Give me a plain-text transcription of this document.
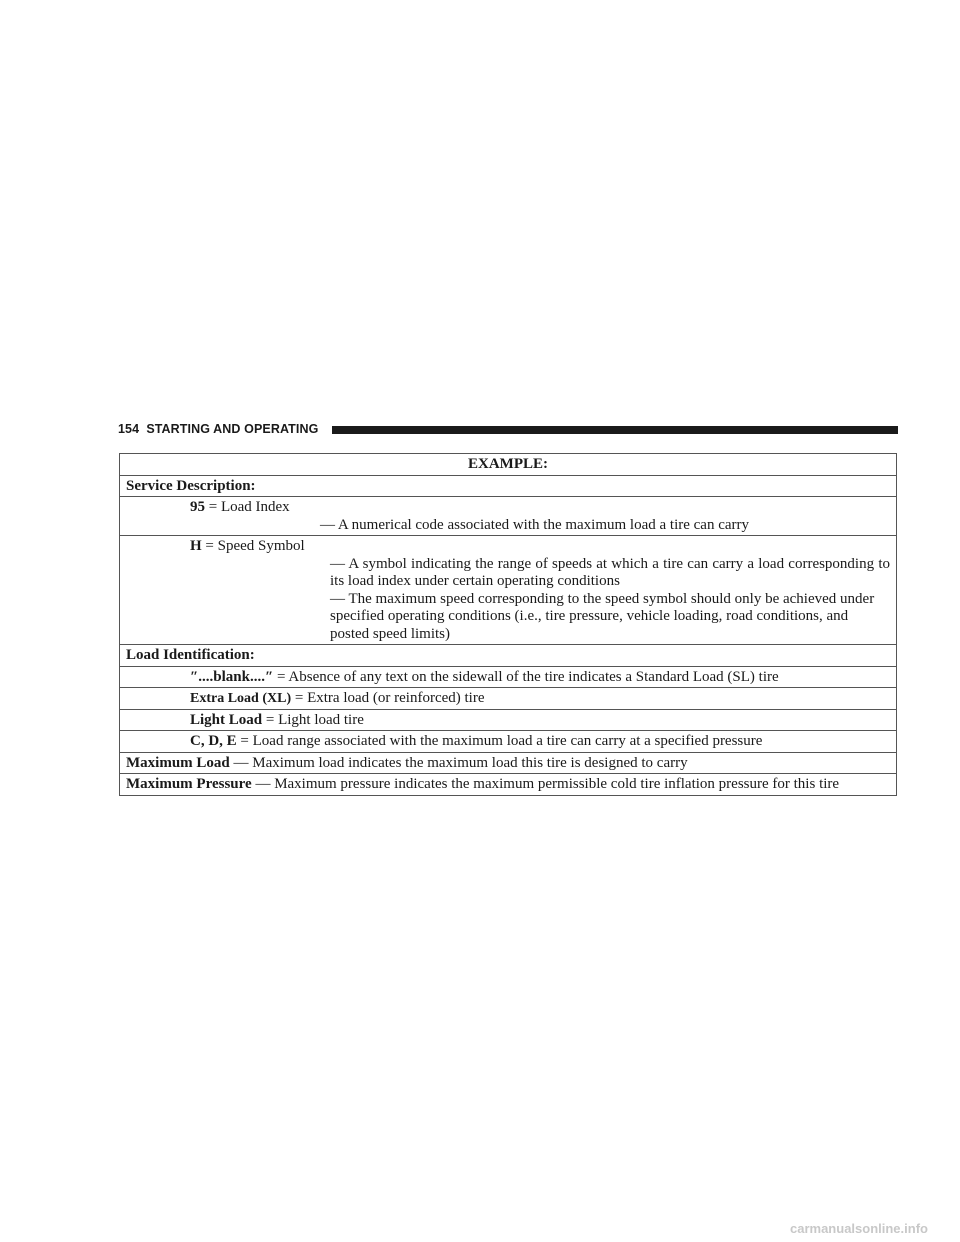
154 STARTING AND OPERATING
EXAMPLE:
Service Description:

95 = Load Index
— A numerical code associated with the maximum load a tire can carry

H = Speed Symbol
— A symbol indicating the range of speeds at which a tire can carry a load corresponding to its load index under certain operating conditions
— The maximum speed corresponding to the speed symbol should only be achieved under specified operating conditions (i.e., tire pressure, vehicle loading, road conditions, and posted speed limits)

Load Identification:
″....blank....″ = Absence of any text on the sidewall of the tire indicates a Standard Load (SL) tire
Extra Load (XL) = Extra load (or reinforced) tire
Light Load = Light load tire
C, D, E = Load range associated with the maximum load a tire can carry at a specified pressure
Maximum Load — Maximum load indicates the maximum load this tire is designed to carry
Maximum Pressure — Maximum pressure indicates the maximum permissible cold tire inflation pressure for this tire
carmanualsonline.info
